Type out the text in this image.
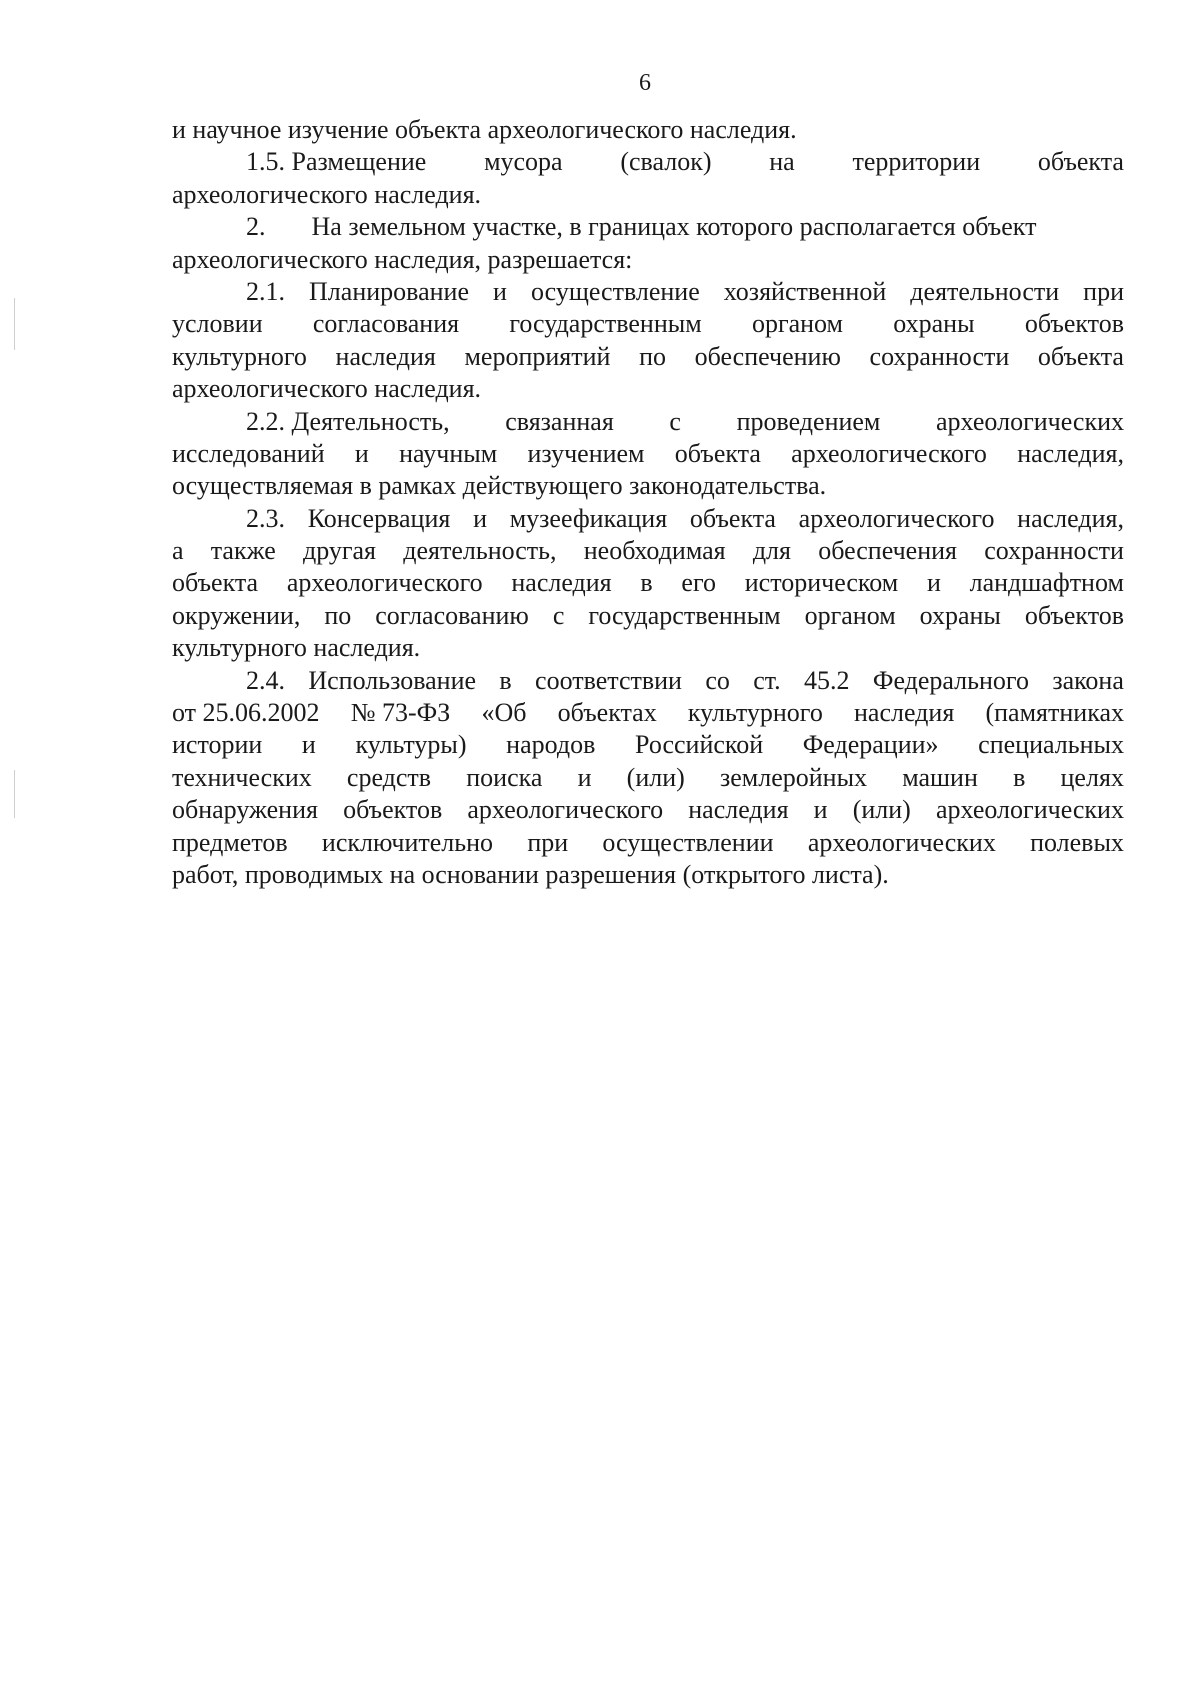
6
и научное изучение объекта археологического наследия.
1.5. Размещение мусора (свалок) на территории объекта
археологического наследия.
2. На земельном участке, в границах которого располагается объект
археологического наследия, разрешается:
2.1. Планирование и осуществление хозяйственной деятельности при
условии согласования государственным органом охраны объектов
культурного наследия мероприятий по обеспечению сохранности объекта
археологического наследия.
2.2. Деятельность, связанная с проведением археологических
исследований и научным изучением объекта археологического наследия,
осуществляемая в рамках действующего законодательства.
2.3. Консервация и музеефикация объекта археологического наследия,
а также другая деятельность, необходимая для обеспечения сохранности
объекта археологического наследия в его историческом и ландшафтном
окружении, по согласованию с государственным органом охраны объектов
культурного наследия.
2.4. Использование в соответствии со ст. 45.2 Федерального закона
от 25.06.2002 № 73-ФЗ «Об объектах культурного наследия (памятниках
истории и культуры) народов Российской Федерации» специальных
технических средств поиска и (или) землеройных машин в целях
обнаружения объектов археологического наследия и (или) археологических
предметов исключительно при осуществлении археологических полевых
работ, проводимых на основании разрешения (открытого листа).
